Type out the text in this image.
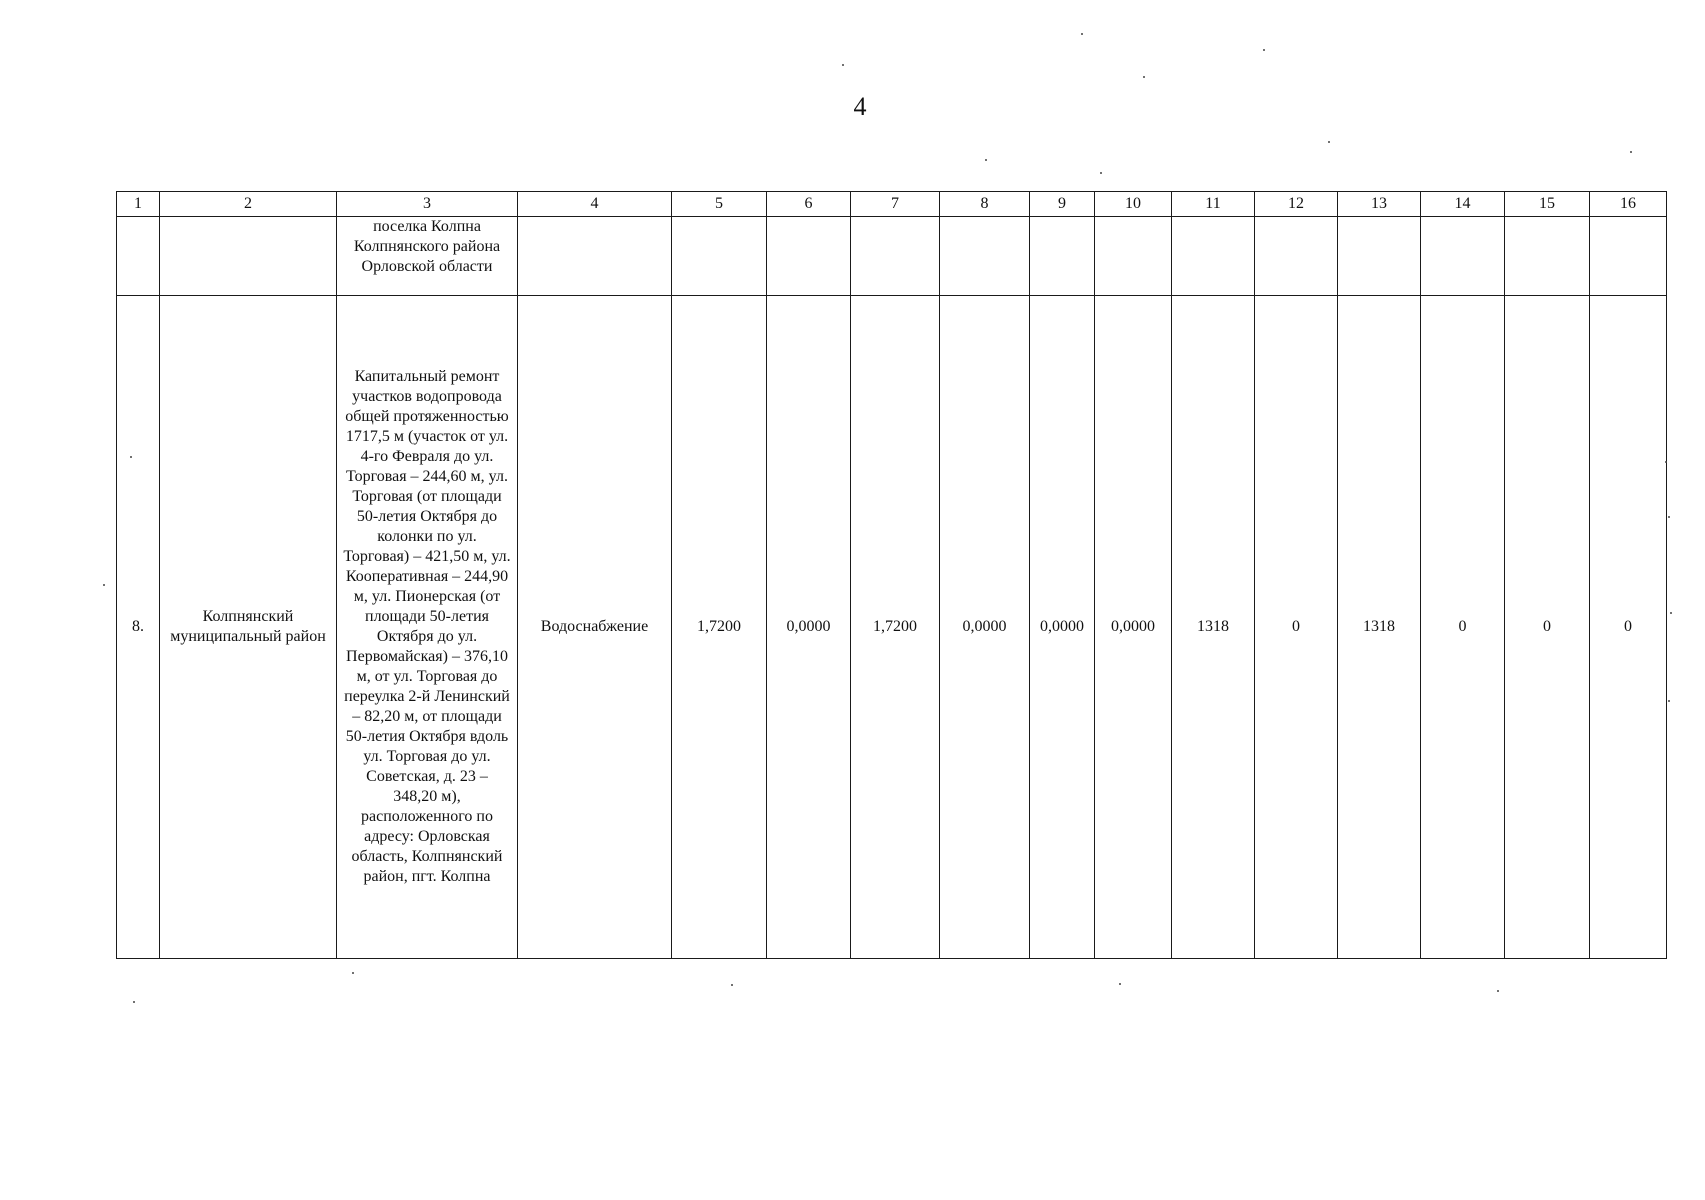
4
1	2	3	4	5	6	7	8	9	10	11	12	13	14	15	16
		поселка Колпна Колпнянского района Орловской области													
8.	Колпнянский муниципальный район	Капитальный ремонт участков водопровода общей протяженностью 1717,5 м (участок от ул. 4-го Февраля до ул. Торговая – 244,60 м, ул. Торговая (от площади 50-летия Октября до колонки по ул. Торговая) – 421,50 м, ул. Кооперативная – 244,90 м, ул. Пионерская (от площади 50-летия Октября до ул. Первомайская) – 376,10 м, от ул. Торговая до переулка 2-й Ленинский – 82,20 м, от площади 50-летия Октября вдоль ул. Торговая до ул. Советская, д. 23 – 348,20 м), расположенного по адресу: Орловская область, Колпнянский район, пгт. Колпна	Водоснабжение	1,7200	0,0000	1,7200	0,0000	0,0000	0,0000	1318	0	1318	0	0	0
